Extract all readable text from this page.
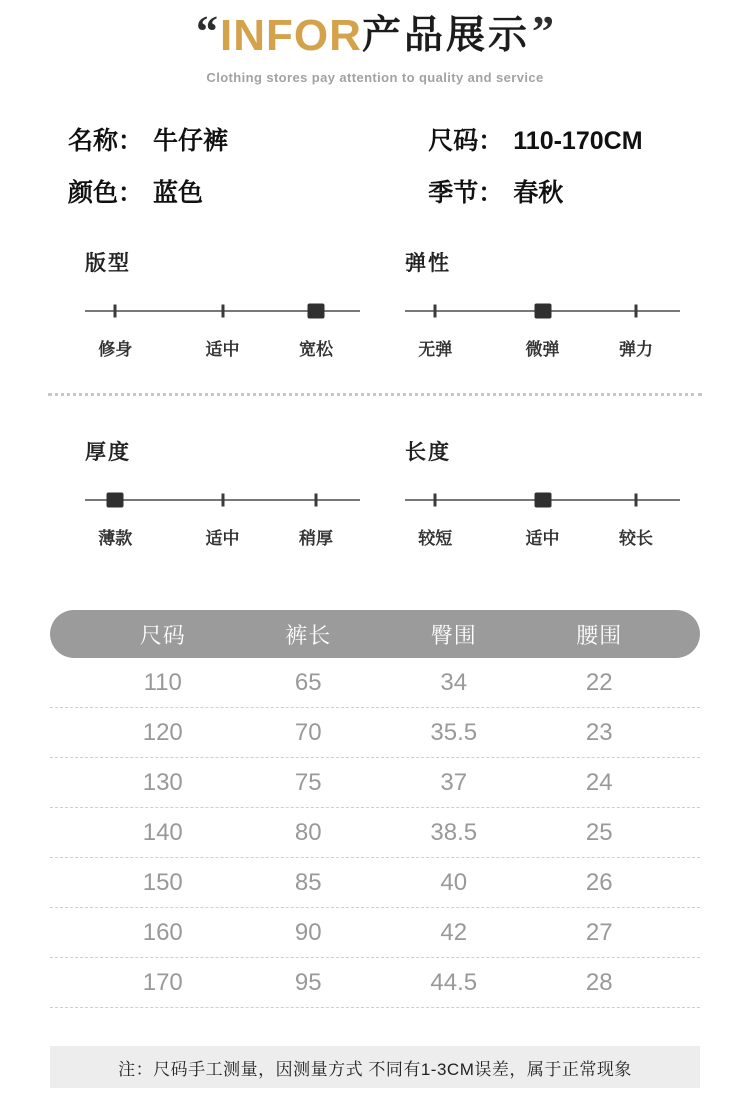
“ INFOR 产品展示 ”
Clothing stores pay attention to quality and service
名称： 牛仔裤	尺码： 110-170CM
颜色： 蓝色	季节： 春秋
版型
修身	适中	宽松
弹性
无弹	微弹	弹力
厚度
薄款	适中	稍厚
长度
较短	适中	较长
尺码	裤长	臀围	腰围
110	65	34	22
120	70	35.5	23
130	75	37	24
140	80	38.5	25
150	85	40	26
160	90	42	27
170	95	44.5	28
注：尺码手工测量，因测量方式 不同有1-3CM误差，属于正常现象
